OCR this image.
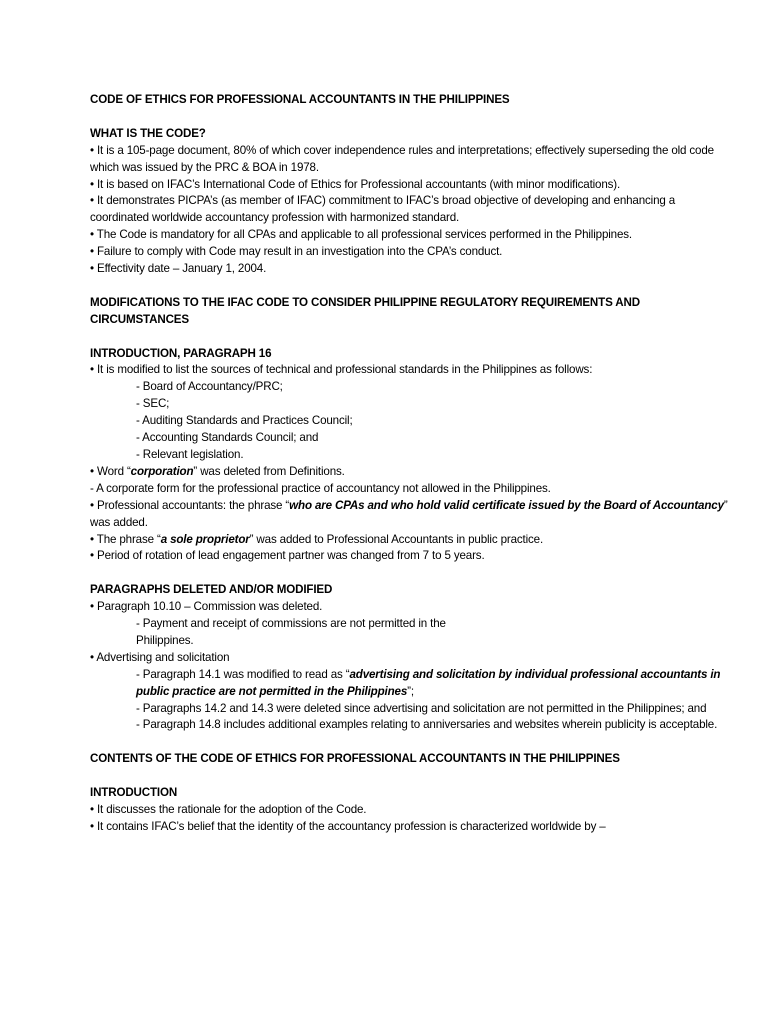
CODE OF ETHICS FOR PROFESSIONAL ACCOUNTANTS IN THE PHILIPPINES

WHAT IS THE CODE?

• It is a 105-page document, 80% of which cover independence rules and interpretations; effectively superseding the old code which was issued by the PRC & BOA in 1978.

• It is based on IFAC’s International Code of Ethics for Professional accountants (with minor modifications).

• It demonstrates PICPA’s (as member of IFAC) commitment to IFAC’s broad objective of developing and enhancing a coordinated worldwide accountancy profession with harmonized standard.

• The Code is mandatory for all CPAs and applicable to all professional services performed in the Philippines.

• Failure to comply with Code may result in an investigation into the CPA’s conduct.

• Effectivity date – January 1, 2004.

MODIFICATIONS TO THE IFAC CODE TO CONSIDER PHILIPPINE REGULATORY REQUIREMENTS AND CIRCUMSTANCES

INTRODUCTION, PARAGRAPH 16

• It is modified to list the sources of technical and professional standards in the Philippines as follows:

- Board of Accountancy/PRC;

- SEC;

- Auditing Standards and Practices Council;

- Accounting Standards Council; and

- Relevant legislation.

• Word “corporation” was deleted from Definitions.

- A corporate form for the professional practice of accountancy not allowed in the Philippines.

• Professional accountants: the phrase “who are CPAs and who hold valid certificate issued by the Board of Accountancy” was added.

• The phrase “a sole proprietor” was added to Professional Accountants in public practice.

• Period of rotation of lead engagement partner was changed from 7 to 5 years.

PARAGRAPHS DELETED AND/OR MODIFIED

• Paragraph 10.10 – Commission was deleted.

- Payment and receipt of commissions are not permitted in the
Philippines.

• Advertising and solicitation

- Paragraph 14.1 was modified to read as “advertising and solicitation by individual professional accountants in public practice are not permitted in the Philippines”;

- Paragraphs 14.2 and 14.3 were deleted since advertising and solicitation are not permitted in the Philippines; and

- Paragraph 14.8 includes additional examples relating to anniversaries and websites wherein publicity is acceptable.

CONTENTS OF THE CODE OF ETHICS FOR PROFESSIONAL ACCOUNTANTS IN THE PHILIPPINES

INTRODUCTION

• It discusses the rationale for the adoption of the Code.

• It contains IFAC’s belief that the identity of the accountancy profession is characterized worldwide by –
